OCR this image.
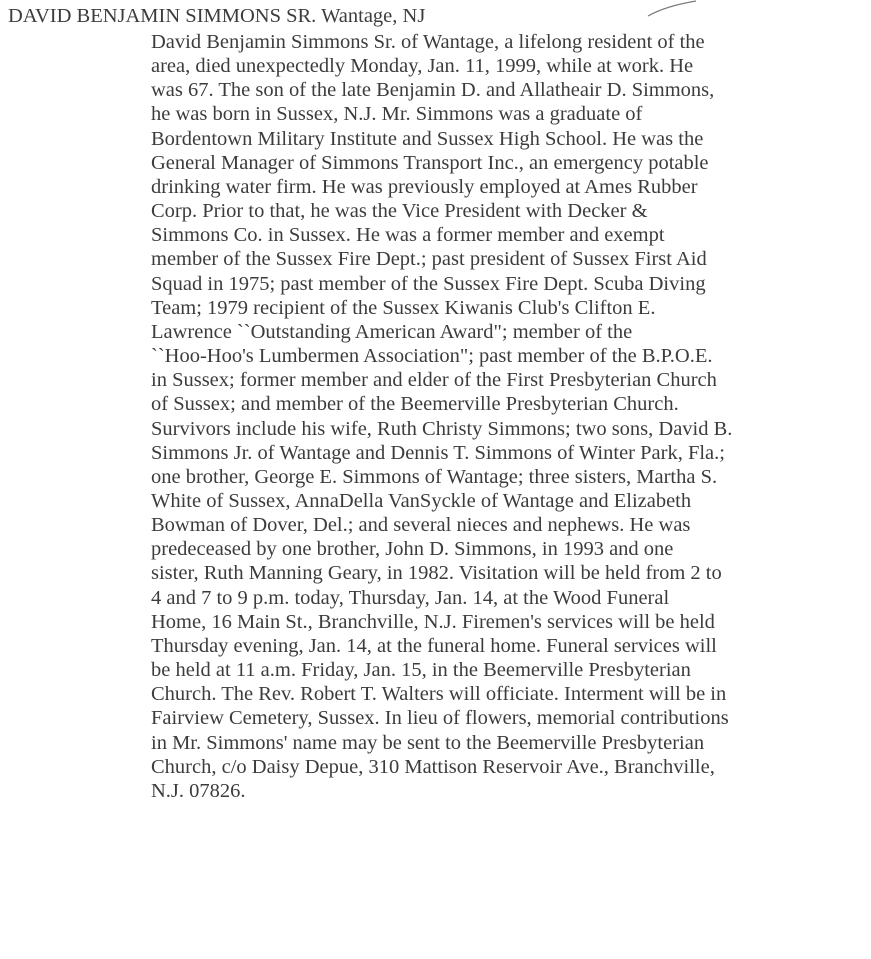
DAVID BENJAMIN SIMMONS SR. Wantage, NJ
David Benjamin Simmons Sr. of Wantage, a lifelong resident of the
area, died unexpectedly Monday, Jan. 11, 1999, while at work. He
was 67. The son of the late Benjamin D. and Allatheair D. Simmons,
he was born in Sussex, N.J. Mr. Simmons was a graduate of
Bordentown Military Institute and Sussex High School. He was the
General Manager of Simmons Transport Inc., an emergency potable
drinking water firm. He was previously employed at Ames Rubber
Corp. Prior to that, he was the Vice President with Decker &
Simmons Co. in Sussex. He was a former member and exempt
member of the Sussex Fire Dept.; past president of Sussex First Aid
Squad in 1975; past member of the Sussex Fire Dept. Scuba Diving
Team; 1979 recipient of the Sussex Kiwanis Club's Clifton E.
Lawrence ``Outstanding American Award"; member of the
``Hoo-Hoo's Lumbermen Association"; past member of the B.P.O.E.
in Sussex; former member and elder of the First Presbyterian Church
of Sussex; and member of the Beemerville Presbyterian Church.
Survivors include his wife, Ruth Christy Simmons; two sons, David B.
Simmons Jr. of Wantage and Dennis T. Simmons of Winter Park, Fla.;
one brother, George E. Simmons of Wantage; three sisters, Martha S.
White of Sussex, AnnaDella VanSyckle of Wantage and Elizabeth
Bowman of Dover, Del.; and several nieces and nephews. He was
predeceased by one brother, John D. Simmons, in 1993 and one
sister, Ruth Manning Geary, in 1982. Visitation will be held from 2 to
4 and 7 to 9 p.m. today, Thursday, Jan. 14, at the Wood Funeral
Home, 16 Main St., Branchville, N.J. Firemen's services will be held
Thursday evening, Jan. 14, at the funeral home. Funeral services will
be held at 11 a.m. Friday, Jan. 15, in the Beemerville Presbyterian
Church. The Rev. Robert T. Walters will officiate. Interment will be in
Fairview Cemetery, Sussex. In lieu of flowers, memorial contributions
in Mr. Simmons' name may be sent to the Beemerville Presbyterian
Church, c/o Daisy Depue, 310 Mattison Reservoir Ave., Branchville,
N.J. 07826.
